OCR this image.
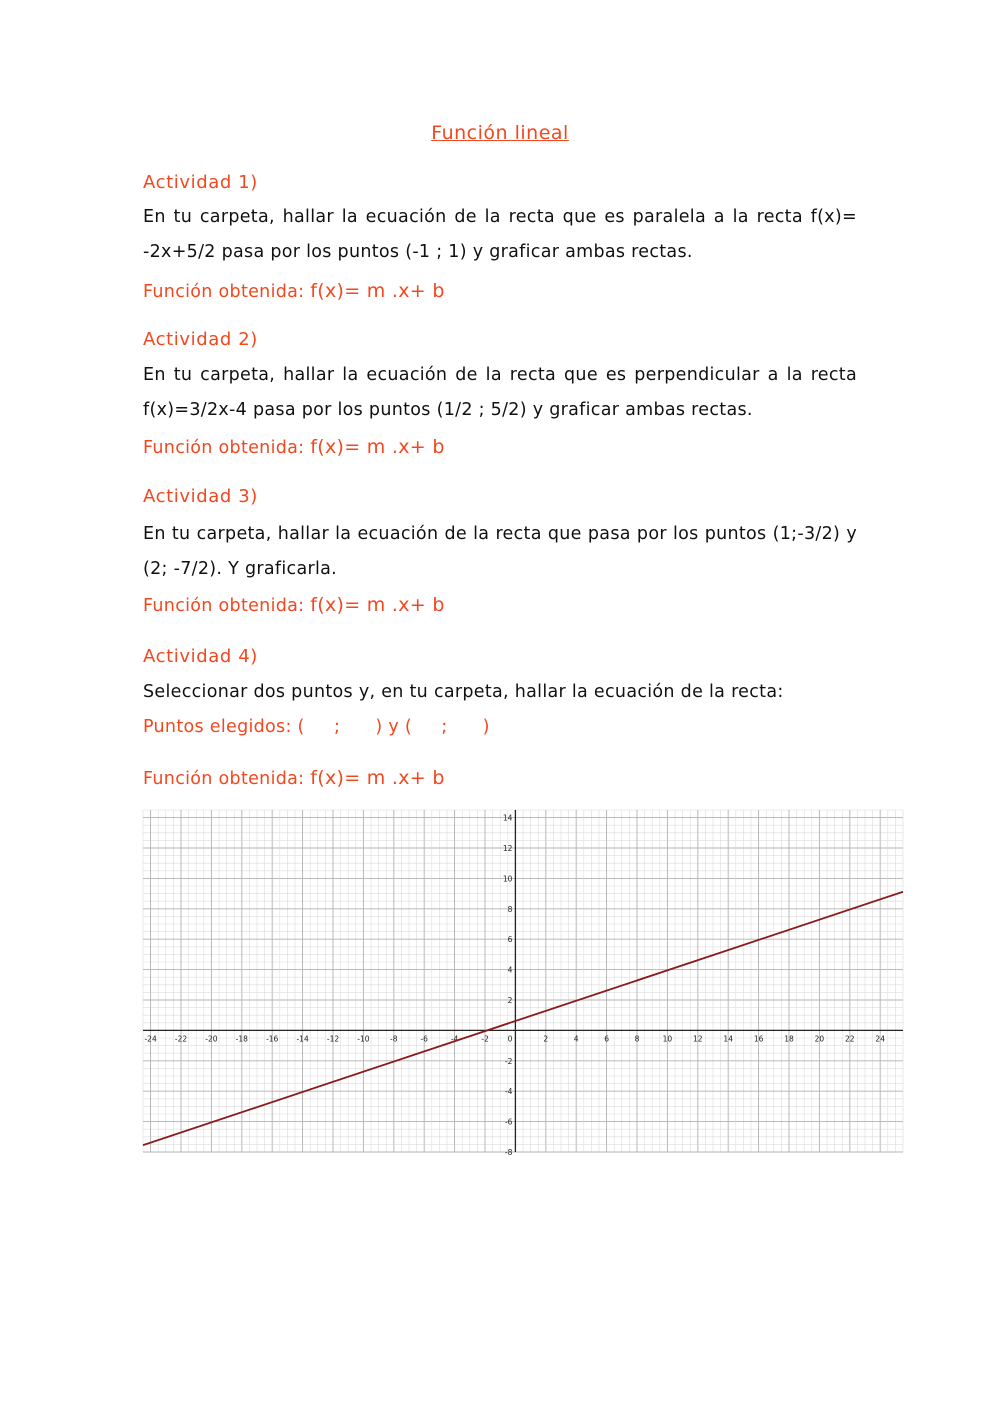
Función lineal
Actividad 1)
En tu carpeta, hallar la ecuación de la recta que es paralela a la recta f(x)= -2x+5/2 pasa por los puntos (-1 ; 1) y graficar ambas rectas.
Función obtenida: f(x)= m .x+ b
Actividad 2)
En tu carpeta, hallar la ecuación de la recta que es perpendicular a la recta f(x)=3/2x-4 pasa por los puntos (1/2 ; 5/2) y graficar ambas rectas.
Función obtenida: f(x)= m .x+ b
Actividad 3)
En tu carpeta, hallar la ecuación de la recta que pasa por los puntos (1;-3/2) y (2; -7/2). Y graficarla.
Función obtenida: f(x)= m .x+ b
Actividad 4)
Seleccionar dos puntos y, en tu carpeta, hallar la ecuación de la recta:
Puntos elegidos: (     ;      ) y (     ;      )
Función obtenida: f(x)= m .x+ b
-24 -22 -20 -18 -16 -14 -12 -10	-8	-6	-4	-2	2	4	6	8	10	12	14	16	18	20	22	24
-8
-6
-4
-2
2
4
6
8
10
12
14
0
